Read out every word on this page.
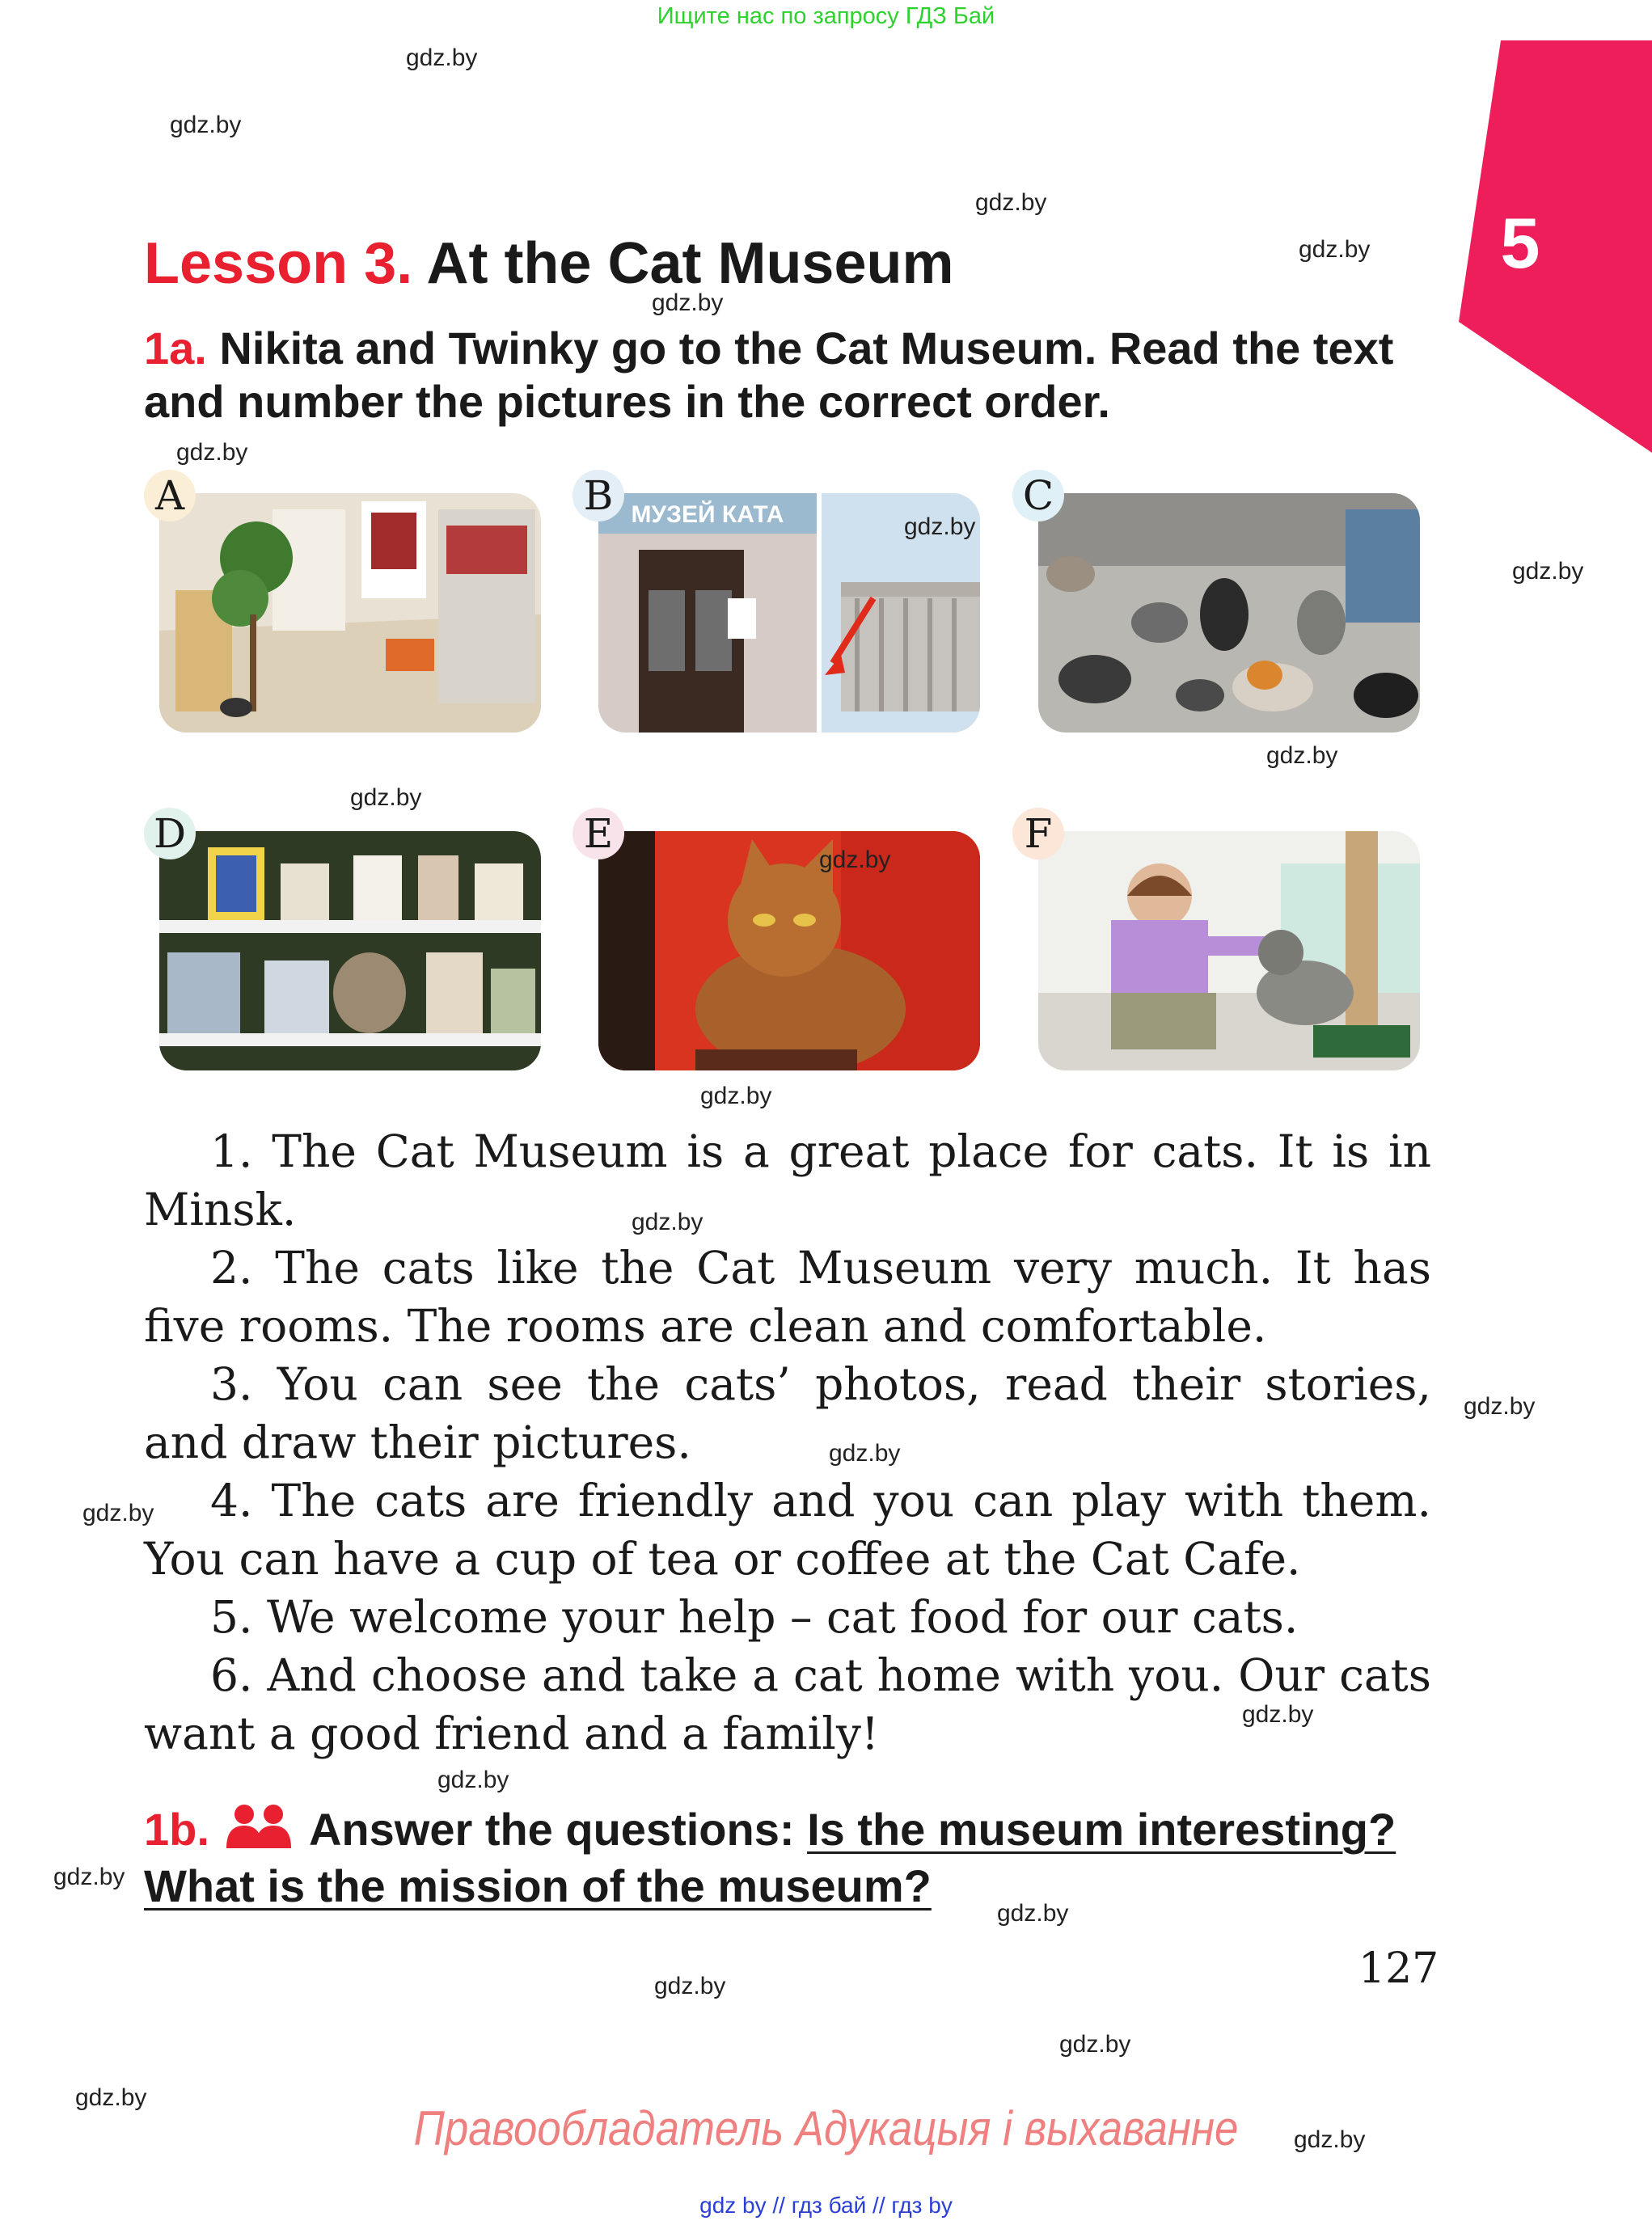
Ищите нас по запросу ГДЗ Бай
5
Lesson 3. At the Cat Museum
1a. Nikita and Twinky go to the Cat Museum. Read the text and number the pictures in the correct order.
A	МУЗЕЙ КАТА
B	C
D	E	F

1. The Cat Museum is a great place for cats. It is in Minsk.

2. The cats like the Cat Museum very much. It has five rooms. The rooms are clean and comfortable.

3. You can see the cats’ photos, read their stories, and draw their pictures.

4. The cats are friendly and you can play with them. You can have a cup of tea or coffee at the Cat Cafe.

5. We welcome your help – cat food for our cats.

6. And choose and take a cat home with you. Our cats want a good friend and a family!

1b. Answer the questions: Is the museum interesting?
What is the mission of the museum?
127
Правообладатель Адукацыя і выхаванне
gdz by // гдз бай // гдз by
gdz.by
gdz.by
gdz.by
gdz.by
gdz.by
gdz.by
gdz.by
gdz.by
gdz.by
gdz.by
gdz.by
gdz.by
gdz.by
gdz.by
gdz.by
gdz.by
gdz.by
gdz.by
gdz.by
gdz.by
gdz.by
gdz.by
gdz.by
gdz.by
